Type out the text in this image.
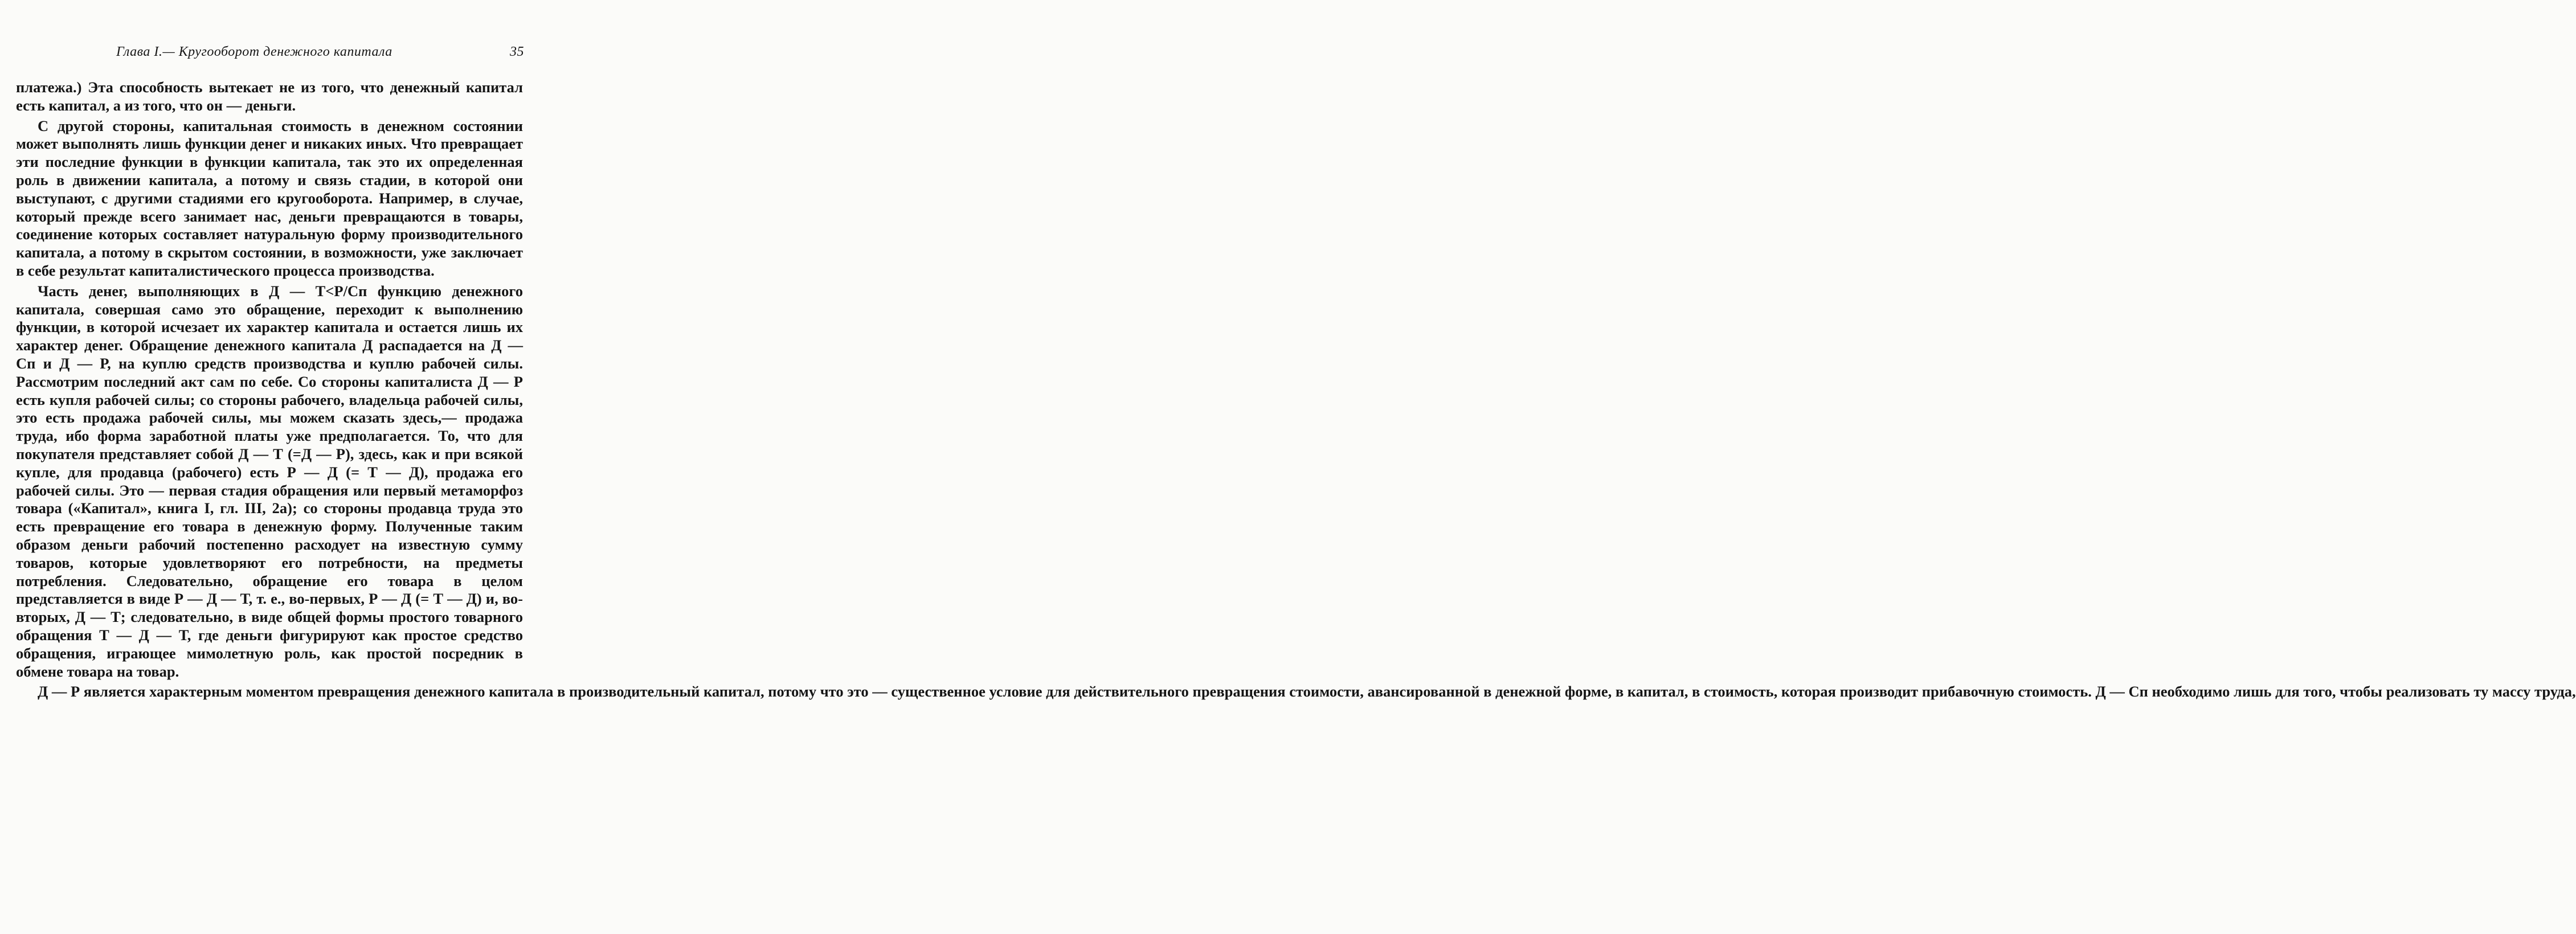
Глава I.— Кругооборот денежного капитала	35

платежа.) Эта способность вытекает не из того, что денежный капитал есть капитал, а из того, что он — деньги.

С другой стороны, капитальная стоимость в денежном состоянии может выполнять лишь функции денег и никаких иных. Что превращает эти последние функции в функции капитала, так это их определенная роль в движении капитала, а потому и связь стадии, в которой они выступают, с другими стадиями его кругооборота. Например, в случае, который прежде всего занимает нас, деньги превращаются в товары, соединение которых составляет натуральную форму производительного капитала, а потому в скрытом состоянии, в возможности, уже заключает в себе результат капиталистического процесса производства.

Часть денег, выполняющих в Д — Т<P/Сп функцию денежного капитала, совершая само это обращение, переходит к выполнению функции, в которой исчезает их характер капитала и остается лишь их характер денег. Обращение денежного капитала Д распадается на Д — Сп и Д — Р, на куплю средств производства и куплю рабочей силы. Рассмотрим последний акт сам по себе. Со стороны капиталиста Д — Р есть купля рабочей силы; со стороны рабочего, владельца рабочей силы, это есть продажа рабочей силы, мы можем сказать здесь,— продажа труда, ибо форма заработной платы уже предполагается. То, что для покупателя представляет собой Д — Т (=Д — Р), здесь, как и при всякой купле, для продавца (рабочего) есть Р — Д (= Т — Д), продажа его рабочей силы. Это — первая стадия обращения или первый метаморфоз товара («Капитал», книга I, гл. III, 2а); со стороны продавца труда это есть превращение его товара в денежную форму. Полученные таким образом деньги рабочий постепенно расходует на известную сумму товаров, которые удовлетворяют его потребности, на предметы потребления. Следовательно, обращение его товара в целом представляется в виде Р — Д — Т, т. е., во-первых, Р — Д (= Т — Д) и, во-вторых, Д — Т; следовательно, в виде общей формы простого товарного обращения Т — Д — Т, где деньги фигурируют как простое средство обращения, играющее мимолетную роль, как простой посредник в обмене товара на товар.

Д — Р является характерным моментом превращения денежного капитала в производительный капитал, потому что это — существенное условие для действительного превращения стоимости, авансированной в денежной форме, в капитал, в стоимость, которая производит прибавочную стоимость. Д — Сп необходимо лишь для того, чтобы реализовать ту массу труда,
